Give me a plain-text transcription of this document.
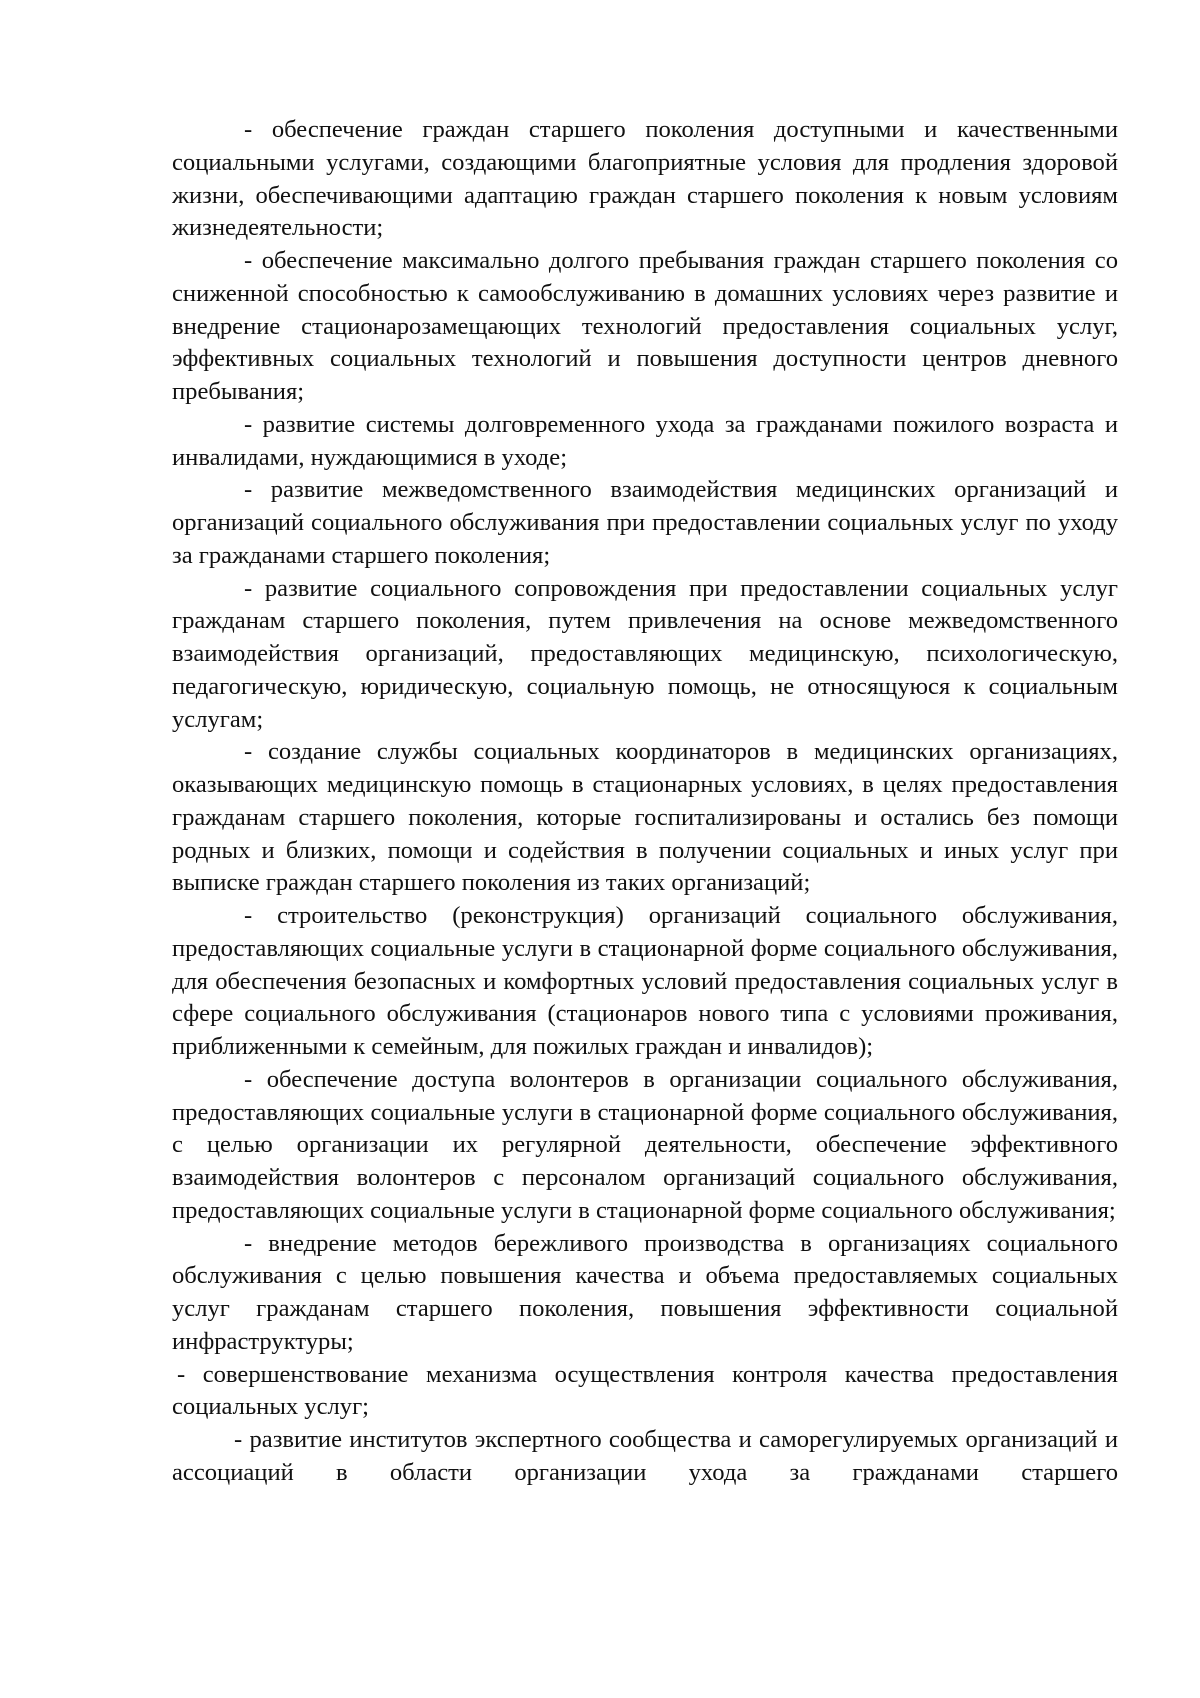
- обеспечение граждан старшего поколения доступными и качественными социальными услугами, создающими благоприятные условия для продления здоровой жизни, обеспечивающими адаптацию граждан старшего поколения к новым условиям жизнедеятельности;

- обеспечение максимально долгого пребывания граждан старшего поколения со сниженной способностью к самообслуживанию в домашних условиях через развитие и внедрение стационарозамещающих технологий предоставления социальных услуг, эффективных социальных технологий и повышения доступности центров дневного пребывания;

- развитие системы долговременного ухода за гражданами пожилого возраста и инвалидами, нуждающимися в уходе;

- развитие межведомственного взаимодействия медицинских организаций и организаций социального обслуживания при предоставлении социальных услуг по уходу за гражданами старшего поколения;

- развитие социального сопровождения при предоставлении социальных услуг гражданам старшего поколения, путем привлечения на основе межведомственного взаимодействия организаций, предоставляющих медицинскую, психологическую, педагогическую, юридическую, социальную помощь, не относящуюся к социальным услугам;

- создание службы социальных координаторов в медицинских организациях, оказывающих медицинскую помощь в стационарных условиях, в целях предоставления гражданам старшего поколения, которые госпитализированы и остались без помощи родных и близких, помощи и содействия в получении социальных и иных услуг при выписке граждан старшего поколения из таких организаций;

- строительство (реконструкция) организаций социального обслуживания, предоставляющих социальные услуги в стационарной форме социального обслуживания, для обеспечения безопасных и комфортных условий предоставления социальных услуг в сфере социального обслуживания (стационаров нового типа с условиями проживания, приближенными к семейным, для пожилых граждан и инвалидов);

- обеспечение доступа волонтеров в организации социального обслуживания, предоставляющих социальные услуги в стационарной форме социального обслуживания, с целью организации их регулярной деятельности, обеспечение эффективного взаимодействия волонтеров с персоналом организаций социального обслуживания, предоставляющих социальные услуги в стационарной форме социального обслуживания;

- внедрение методов бережливого производства в организациях социального обслуживания с целью повышения качества и объема предоставляемых социальных услуг гражданам старшего поколения, повышения эффективности социальной инфраструктуры;

- совершенствование механизма осуществления контроля качества предоставления социальных услуг;

- развитие институтов экспертного сообщества и саморегулируемых организаций и ассоциаций в области организации ухода за гражданами старшего
